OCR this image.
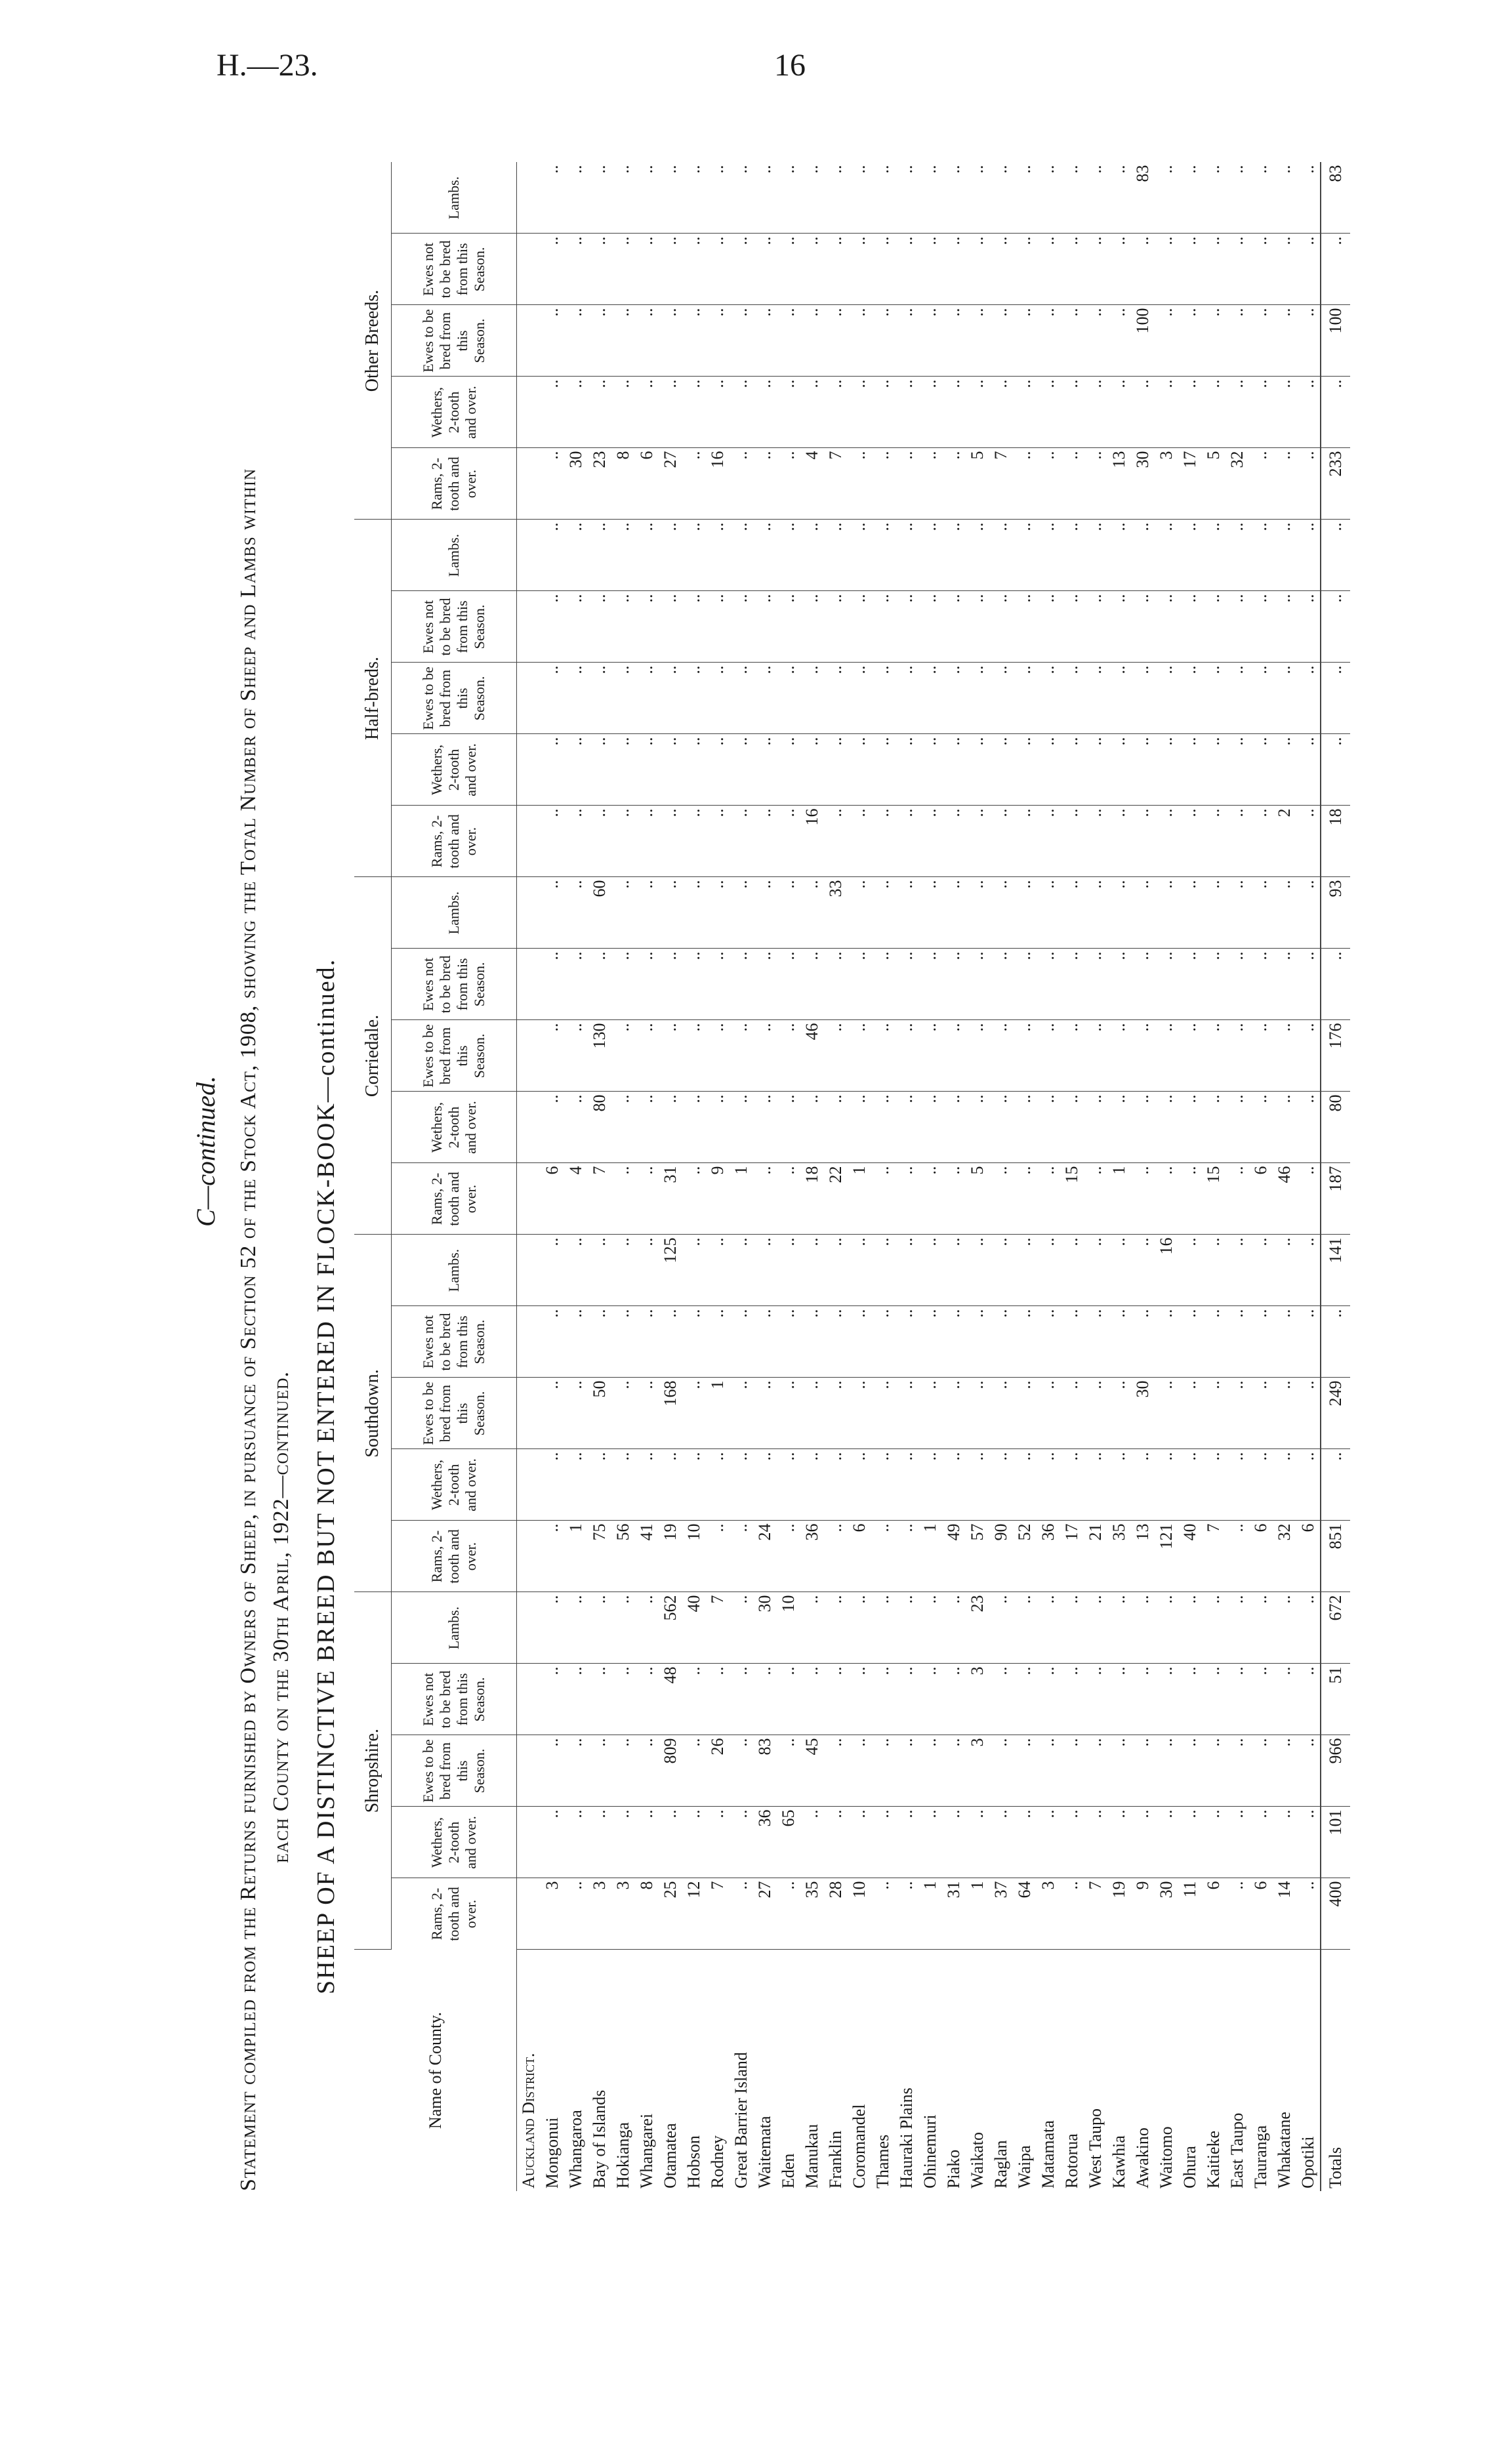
H.—23.	16
C—continued. Statement compiled from the Returns furnished by Owners of Sheep, in pursuance of Section 52 of the Stock Act, 1908, showing the Total Number of Sheep and Lambs within each County on the 30th April, 1922—continued. SHEEP OF A DISTINCTIVE BREED BUT NOT ENTERED IN FLOCK-BOOK—continued.
Name of County.	Shropshire.					Southdown.					Corriedale.					Half-breds.					Other Breeds.				
	Rams, 2-tooth and over.	Wethers, 2-tooth and over.	Ewes to be bred from this Season.	Ewes not to be bred from this Season.	Lambs.	Rams, 2-tooth and over.	Wethers, 2-tooth and over.	Ewes to be bred from this Season.	Ewes not to be bred from this Season.	Lambs.	Rams, 2-tooth and over.	Wethers, 2-tooth and over.	Ewes to be bred from this Season.	Ewes not to be bred from this Season.	Lambs.	Rams, 2-tooth and over.	Wethers, 2-tooth and over.	Ewes to be bred from this Season.	Ewes not to be bred from this Season.	Lambs.	Rams, 2-tooth and over.	Wethers, 2-tooth and over.	Ewes to be bred from this Season.	Ewes not to be bred from this Season.	Lambs.
Auckland District.																									
Mongonui	3	..	..	..	..	..	..	..	..	..	6	..	..	..	..	..	..	..	..	..	..	..	..	..	..
Whangaroa	..	..	..	..	..	1	..	..	..	..	4	..	..	..	..	..	..	..	..	..	30	..	..	..	..
Bay of Islands	3	..	..	..	..	75	..	50	..	..	7	80	130	..	60	..	..	..	..	..	23	..	..	..	..
Hokianga	3	..	..	..	..	56	..	..	..	..	..	..	..	..	..	..	..	..	..	..	8	..	..	..	..
Whangarei	8	..	..	..	..	41	..	..	..	..	..	..	..	..	..	..	..	..	..	..	6	..	..	..	..
Otamatea	25	..	809	48	562	19	..	168	..	125	31	..	..	..	..	..	..	..	..	..	27	..	..	..	..
Hobson	12	..	..	..	40	10	..	..	..	..	..	..	..	..	..	..	..	..	..	..	..	..	..	..	..
Rodney	7	..	26	..	7	..	..	1	..	..	9	..	..	..	..	..	..	..	..	..	16	..	..	..	..
Great Barrier Island	..	..	..	..	..	..	..	..	..	..	1	..	..	..	..	..	..	..	..	..	..	..	..	..	..
Waitemata	27	36	83	..	30	24	..	..	..	..	..	..	..	..	..	..	..	..	..	..	..	..	..	..	..
Eden	..	65	..	..	10	..	..	..	..	..	..	..	..	..	..	..	..	..	..	..	..	..	..	..	..
Manukau	35	..	45	..	..	36	..	..	..	..	18	..	46	..	..	16	..	..	..	..	4	..	..	..	..
Franklin	28	..	..	..	..	..	..	..	..	..	22	..	..	..	33	..	..	..	..	..	7	..	..	..	..
Coromandel	10	..	..	..	..	6	..	..	..	..	1	..	..	..	..	..	..	..	..	..	..	..	..	..	..
Thames	..	..	..	..	..	..	..	..	..	..	..	..	..	..	..	..	..	..	..	..	..	..	..	..	..
Hauraki Plains	..	..	..	..	..	..	..	..	..	..	..	..	..	..	..	..	..	..	..	..	..	..	..	..	..
Ohinemuri	1	..	..	..	..	1	..	..	..	..	..	..	..	..	..	..	..	..	..	..	..	..	..	..	..
Piako	31	..	..	..	..	49	..	..	..	..	..	..	..	..	..	..	..	..	..	..	..	..	..	..	..
Waikato	1	..	3	3	23	57	..	..	..	..	5	..	..	..	..	..	..	..	..	..	5	..	..	..	..
Raglan	37	..	..	..	..	90	..	..	..	..	..	..	..	..	..	..	..	..	..	..	7	..	..	..	..
Waipa	64	..	..	..	..	52	..	..	..	..	..	..	..	..	..	..	..	..	..	..	..	..	..	..	..
Matamata	3	..	..	..	..	36	..	..	..	..	..	..	..	..	..	..	..	..	..	..	..	..	..	..	..
Rotorua	..	..	..	..	..	17	..	..	..	..	15	..	..	..	..	..	..	..	..	..	..	..	..	..	..
West Taupo	7	..	..	..	..	21	..	..	..	..	..	..	..	..	..	..	..	..	..	..	..	..	..	..	..
Kawhia	19	..	..	..	..	35	..	..	..	..	1	..	..	..	..	..	..	..	..	..	13	..	..	..	..
Awakino	9	..	..	..	..	13	..	30	..	..	..	..	..	..	..	..	..	..	..	..	30	..	100	..	83
Waitomo	30	..	..	..	..	121	..	..	..	16	..	..	..	..	..	..	..	..	..	..	3	..	..	..	..
Ohura	11	..	..	..	..	40	..	..	..	..	..	..	..	..	..	..	..	..	..	..	17	..	..	..	..
Kaitieke	6	..	..	..	..	7	..	..	..	..	15	..	..	..	..	..	..	..	..	..	5	..	..	..	..
East Taupo	..	..	..	..	..	..	..	..	..	..	..	..	..	..	..	..	..	..	..	..	32	..	..	..	..
Tauranga	6	..	..	..	..	6	..	..	..	..	6	..	..	..	..	..	..	..	..	..	..	..	..	..	..
Whakatane	14	..	..	..	..	32	..	..	..	..	46	..	..	..	..	2	..	..	..	..	..	..	..	..	..
Opotiki	..	..	..	..	..	6	..	..	..	..	..	..	..	..	..	..	..	..	..	..	..	..	..	..	..
Totals	400	101	966	51	672	851	..	249	..	141	187	80	176	..	93	18	..	..	..	..	233	..	100	..	83
